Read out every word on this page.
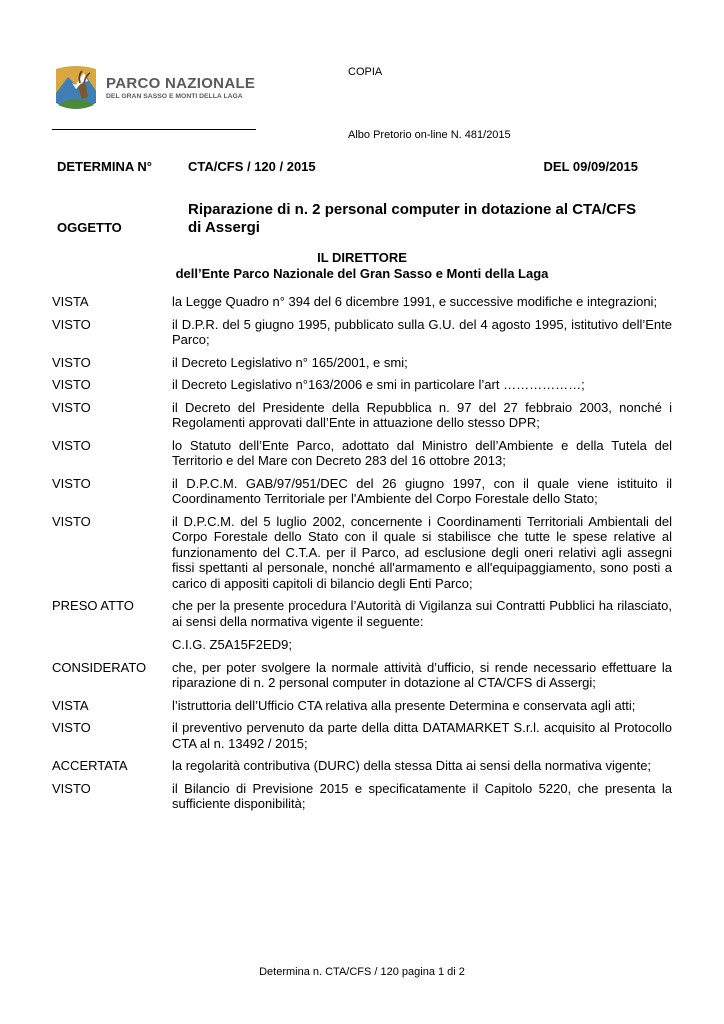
PARCO NAZIONALE
DEL GRAN SASSO E MONTI DELLA LAGA
COPIA
Albo Pretorio on-line N. 481/2015
DETERMINA N°	CTA/CFS / 120 / 2015	DEL 09/09/2015
OGGETTO
Riparazione di n. 2 personal computer in dotazione al CTA/CFS di Assergi
IL DIRETTORE
dell’Ente Parco Nazionale del Gran Sasso e Monti della Laga
VISTA	la Legge Quadro n° 394 del 6 dicembre 1991, e successive modifiche e integrazioni;
VISTO	il D.P.R. del 5 giugno 1995, pubblicato sulla G.U. del 4 agosto 1995, istitutivo dell’Ente Parco;
VISTO	il Decreto Legislativo n° 165/2001, e smi;
VISTO	il Decreto Legislativo n°163/2006 e smi in particolare l’art ………………;
VISTO	il Decreto del Presidente della Repubblica n. 97 del 27 febbraio 2003, nonché i Regolamenti approvati dall’Ente in attuazione dello stesso DPR;
VISTO	lo Statuto dell’Ente Parco, adottato dal Ministro dell’Ambiente e della Tutela del Territorio e del Mare con Decreto 283 del 16 ottobre 2013;
VISTO	il D.P.C.M. GAB/97/951/DEC del 26 giugno 1997, con il quale viene istituito il Coordinamento Territoriale per l'Ambiente del Corpo Forestale dello Stato;
VISTO	il D.P.C.M. del 5 luglio 2002, concernente i Coordinamenti Territoriali Ambientali del Corpo Forestale dello Stato con il quale si stabilisce che tutte le spese relative al funzionamento del C.T.A. per il Parco, ad esclusione degli oneri relativi agli assegni fissi spettanti al personale, nonché all'armamento e all'equipaggiamento, sono posti a carico di appositi capitoli di bilancio degli Enti Parco;
PRESO ATTO	che per la presente procedura l’Autorità di Vigilanza sui Contratti Pubblici ha rilasciato, ai sensi della normativa vigente il seguente:
C.I.G. Z5A15F2ED9;
CONSIDERATO	che, per poter svolgere la normale attività d’ufficio, si rende necessario effettuare la riparazione di n. 2 personal computer in dotazione al CTA/CFS di Assergi;
VISTA	l’istruttoria dell’Ufficio CTA relativa alla presente Determina e conservata agli atti;
VISTO	il preventivo pervenuto da parte della ditta DATAMARKET S.r.l. acquisito al Protocollo CTA al n. 13492 / 2015;
ACCERTATA	la regolarità contributiva (DURC) della stessa Ditta ai sensi della normativa vigente;
VISTO	il Bilancio di Previsione 2015 e specificatamente il Capitolo 5220, che presenta la sufficiente disponibilità;
Determina n. CTA/CFS / 120 pagina 1 di 2
